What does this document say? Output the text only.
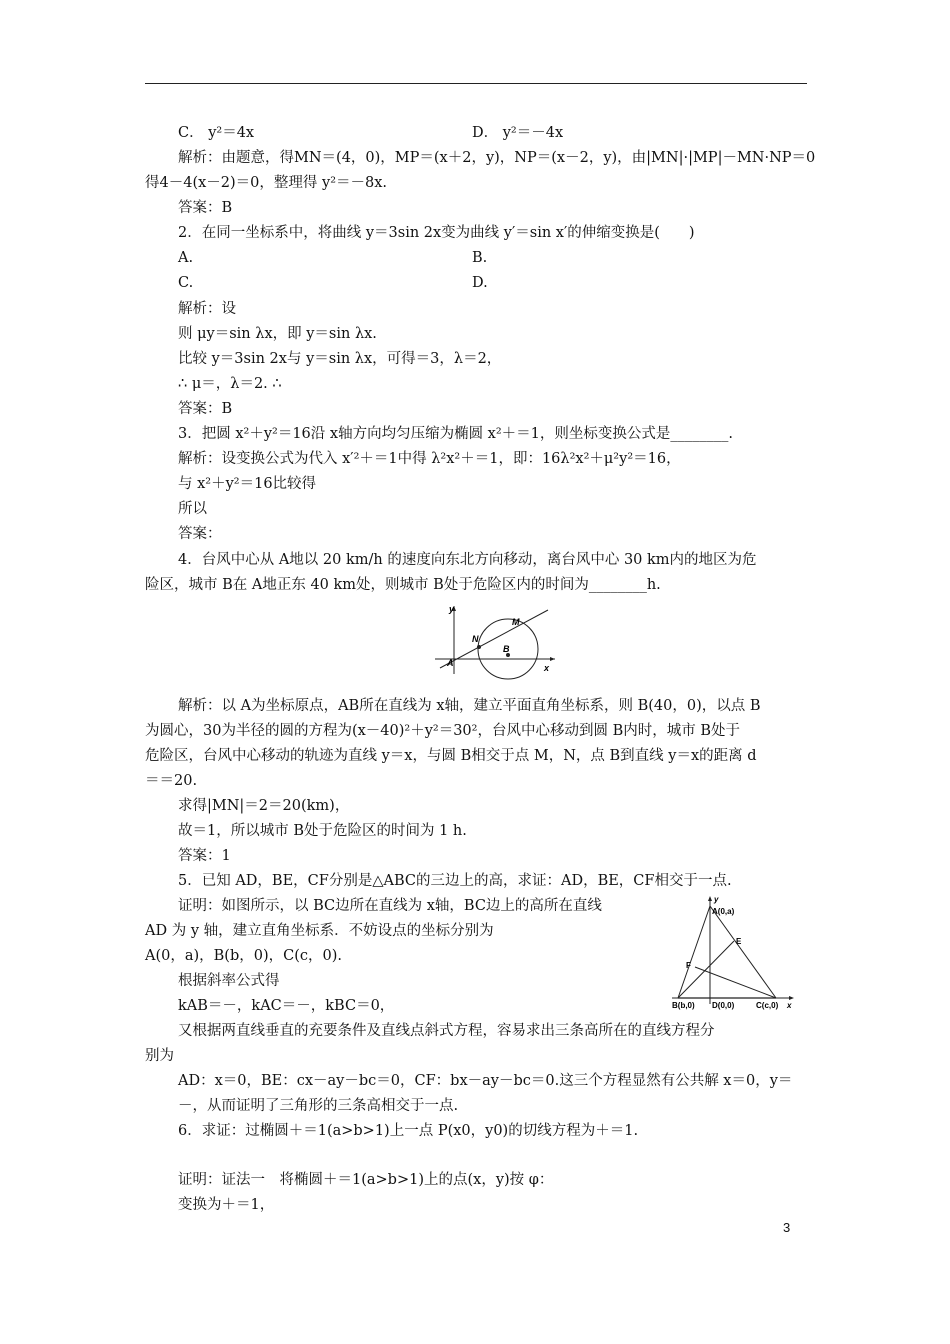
C． y²＝4x	D． y²＝－4x
解析：由题意，得MN＝(4，0)，MP＝(x＋2，y)，NP＝(x－2，y)，由|MN|·|MP|－MN·NP＝0
得4－4(x－2)＝0，整理得 y²＝－8x.
答案：B
2．在同一坐标系中，将曲线 y＝3sin 2x变为曲线 y′＝sin x′的伸缩变换是(　　)
A.	B.
C.	D.
解析：设
则 μy＝sin λx，即 y＝sin λx.
比较 y＝3sin 2x与 y＝sin λx，可得＝3，λ＝2，
∴ μ＝，λ＝2. ∴
答案：B
3．把圆 x²＋y²＝16沿 x轴方向均匀压缩为椭圆 x²＋＝1，则坐标变换公式是________.
解析：设变换公式为代入 x′²＋＝1中得 λ²x²＋＝1，即：16λ²x²＋μ²y²＝16，
与 x²＋y²＝16比较得
所以
答案：
4．台风中心从 A地以 20 km/h 的速度向东北方向移动，离台风中心 30 km内的地区为危
险区，城市 B在 A地正东 40 km处，则城市 B处于危险区内的时间为________h.
y
x
A
B
M
N
解析：以 A为坐标原点，AB所在直线为 x轴，建立平面直角坐标系，则 B(40，0)，以点 B
为圆心，30为半径的圆的方程为(x－40)²＋y²＝30²，台风中心移动到圆 B内时，城市 B处于
危险区，台风中心移动的轨迹为直线 y＝x，与圆 B相交于点 M，N，点 B到直线 y＝x的距离 d
＝＝20.
求得|MN|＝2＝20(km)，
故＝1，所以城市 B处于危险区的时间为 1 h.
答案：1
5．已知 AD，BE，CF分别是△ABC的三边上的高，求证：AD，BE，CF相交于一点.
证明：如图所示，以 BC边所在直线为 x轴，BC边上的高所在直线
AD 为 y 轴，建立直角坐标系．不妨设点的坐标分别为
A(0，a)，B(b，0)，C(c，0).
根据斜率公式得
kAB＝－，kAC＝－，kBC＝0，
A(0,a)
E
F
B(b,0) D(0,0)	C(c,0)
y
x
又根据两直线垂直的充要条件及直线点斜式方程，容易求出三条高所在的直线方程分
别为
AD：x＝0，BE：cx－ay－bc＝0，CF：bx－ay－bc＝0.这三个方程显然有公共解 x＝0，y＝
－，从而证明了三角形的三条高相交于一点.
6．求证：过椭圆＋＝1(a>b>1)上一点 P(x0，y0)的切线方程为＋＝1.
证明：证法一　将椭圆＋＝1(a>b>1)上的点(x，y)按 φ：
变换为＋＝1，
3
